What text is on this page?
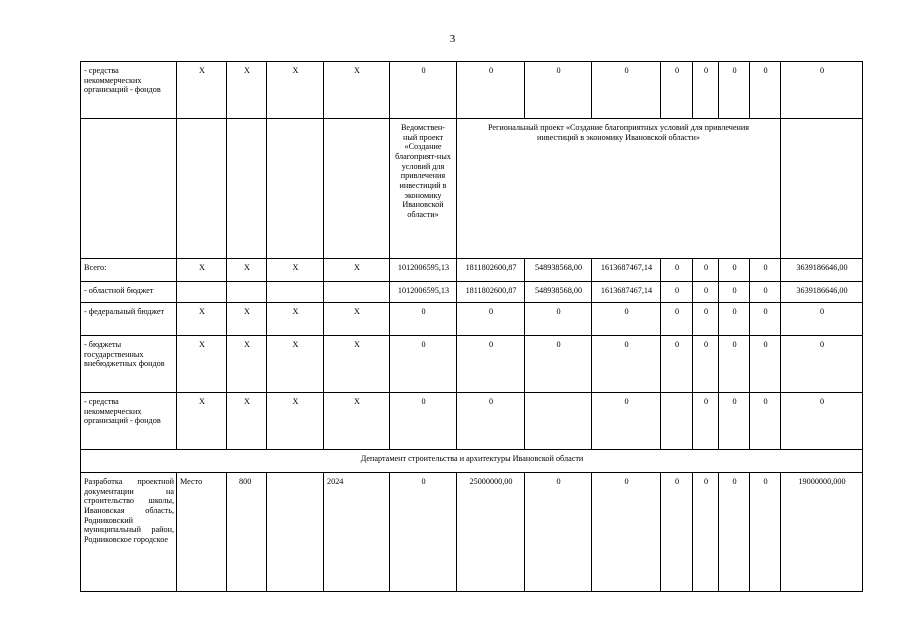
3
- средства некоммерческих организаций - фондов	Х	Х	Х	Х	0	0	0	0	0	0	0	0	0
					Ведомствен-ный проект «Создание благоприят-ных условий для привлечения инвестиций в экономику Ивановской области»	Региональный проект «Создание благоприятных условий для привлечения инвестиций в экономику Ивановской области»							
Всего:	Х	Х	Х	Х	1012006595,13	1811802600,87	548938568,00	1613687467,14	0	0	0	0	3639186646,00
- областной бюджет					1012006595,13	1811802600,87	548938568,00	1613687467,14	0	0	0	0	3639186646,00
- федеральный бюджет	Х	Х	Х	Х	0	0	0	0	0	0	0	0	0
- бюджеты государственных внебюджетных фондов	Х	Х	Х	Х	0	0	0	0	0	0	0	0	0
- средства некоммерческих организаций - фондов	Х	Х	Х	Х	0	0		0		0	0	0	0
Департамент строительства и архитектуры Ивановской области													
Разработка проектной документации на строительство школы, Ивановская область, Родниковский муниципальный район, Родниковское городское	Место	800		2024	0	25000000,00	0	0	0	0	0	0	19000000,000
